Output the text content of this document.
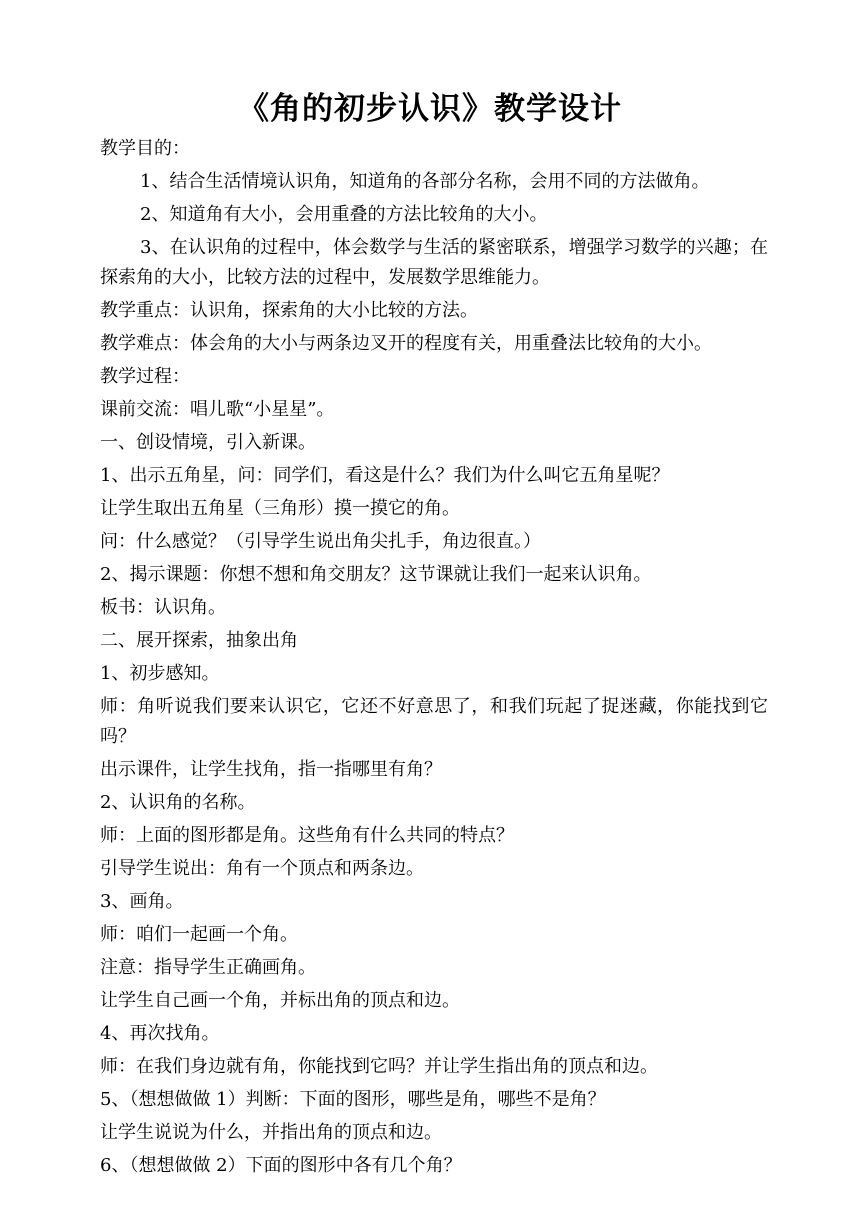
《角的初步认识》教学设计

教学目的：

1、结合生活情境认识角，知道角的各部分名称，会用不同的方法做角。

2、知道角有大小，会用重叠的方法比较角的大小。

3、在认识角的过程中，体会数学与生活的紧密联系，增强学习数学的兴趣；在探索角的大小，比较方法的过程中，发展数学思维能力。

教学重点：认识角，探索角的大小比较的方法。

教学难点：体会角的大小与两条边叉开的程度有关，用重叠法比较角的大小。

教学过程：

课前交流：唱儿歌“小星星”。

一、创设情境，引入新课。

1、出示五角星，问：同学们，看这是什么？我们为什么叫它五角星呢？

让学生取出五角星（三角形）摸一摸它的角。

问：什么感觉？（引导学生说出角尖扎手，角边很直。）

2、揭示课题：你想不想和角交朋友？这节课就让我们一起来认识角。

板书：认识角。

二、展开探索，抽象出角

1、初步感知。

师：角听说我们要来认识它，它还不好意思了，和我们玩起了捉迷藏，你能找到它吗？

出示课件，让学生找角，指一指哪里有角？

2、认识角的名称。

师：上面的图形都是角。这些角有什么共同的特点？

引导学生说出：角有一个顶点和两条边。

3、画角。

师：咱们一起画一个角。

注意：指导学生正确画角。

让学生自己画一个角，并标出角的顶点和边。

4、再次找角。

师：在我们身边就有角，你能找到它吗？并让学生指出角的顶点和边。

5、（想想做做 1）判断：下面的图形，哪些是角，哪些不是角？

让学生说说为什么，并指出角的顶点和边。

6、（想想做做 2）下面的图形中各有几个角？
